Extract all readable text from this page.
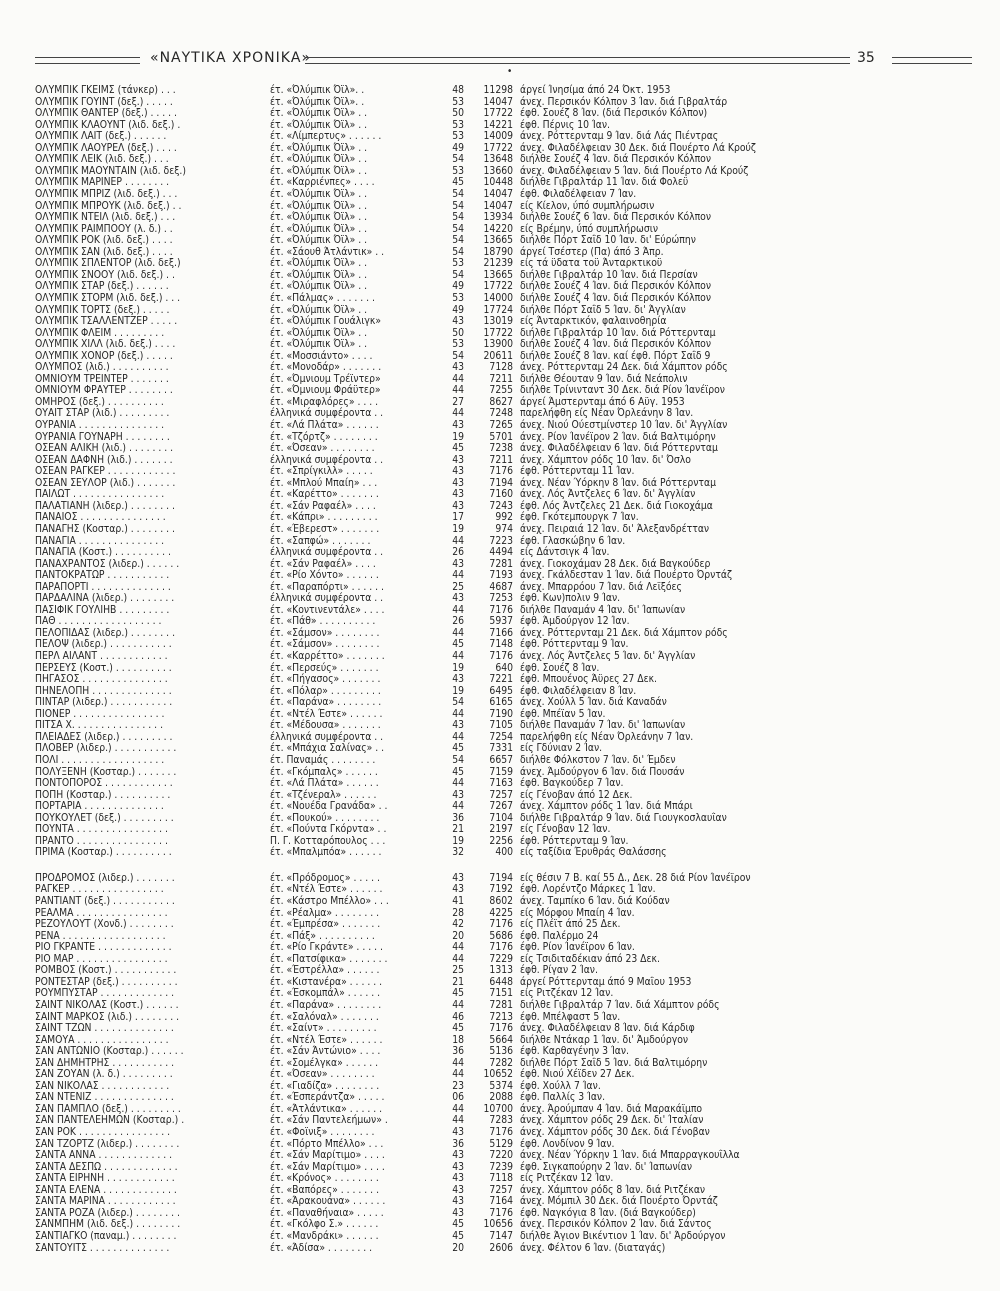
«ΝΑΥΤΙΚΑ ΧΡΟΝΙΚΑ»	35
•
ΟΛΥΜΠΙΚ ΓΚΕΙΜΣ (τάνκερ) . . .	έτ. «Όλύμπικ Όϊλ». .	48	11298 άργεί Ίνησίμα άπό 24 Όκτ. 1953
ΟΛΥΜΠΙΚ ΓΟΥΙΝΤ (δεξ.) . . . . .	έτ. «Όλύμπικ Όϊλ». .	53	14047 άνεχ. Περσικόν Κόλπον 3 Ίαν. διά Γιβραλτάρ
ΟΛΥΜΠΙΚ ΘΑΝΤΕΡ (δεξ.) . . . . .	έτ. «Όλύμπικ Όϊλ» . .	50	17722 έφθ. Σουέζ 8 Ίαν. (διά Περσικόν Κόλπον)
ΟΛΥΜΠΙΚ ΚΛΑΟΥΝΤ (λιδ. δεξ.) .	έτ. «Όλύμπικ Όϊλ» . .	53	14221 έφθ. Πέρνις 10 Ίαν.
ΟΛΥΜΠΙΚ ΛΑΙΤ (δεξ.) . . . . . .	έτ. «Λίμπερτυς» . . . . . .	53	14009 άνεχ. Ρόττερνταμ 9 Ίαν. διά Λάς Πιέντρας
ΟΛΥΜΠΙΚ ΛΑΟΥΡΕΛ (δεξ.) . . . .	έτ. «Όλύμπικ Όϊλ» . .	49	17722 άνεχ. Φιλαδέλφειαν 30 Δεκ. διά Πουέρτο Λά Κρούζ
ΟΛΥΜΠΙΚ ΛΕΙΚ (λιδ. δεξ.) . . .	έτ. «Όλύμπικ Όϊλ» . .	54	13648 διήλθε Σουέζ 4 Ίαν. διά Περσικόν Κόλπον
ΟΛΥΜΠΙΚ ΜΑΟΥΝΤΑΙΝ (λιδ. δεξ.)	έτ. «Όλύμπικ Όϊλ» . .	53	13660 άνεχ. Φιλαδέλφειαν 5 Ίαν. διά Πουέρτο Λά Κρούζ
ΟΛΥΜΠΙΚ ΜΑΡΙΝΕΡ . . . . . . . .	έτ. «Καρριένπες» . . . .	45	10448 διήλθε Γιβραλτάρ 11 Ίαν. διά Φολεϋ
ΟΛΥΜΠΙΚ ΜΠΡΙΖ (λιδ. δεξ.) . . .	έτ. «Όλύμπικ Όϊλ» . .	54	14047 έφθ. Φιλαδέλφειαν 7 Ίαν.
ΟΛΥΜΠΙΚ ΜΠΡΟΥΚ (λιδ. δεξ.) . .	έτ. «Όλύμπικ Όϊλ» . .	54	14047 είς Κίελον, ύπό συμπλήρωσιν
ΟΛΥΜΠΙΚ ΝΤΕΙΛ (λιδ. δεξ.) . . .	έτ. «Όλύμπικ Όϊλ» . .	54	13934 διήλθε Σουέζ 6 Ίαν. διά Περσικόν Κόλπον
ΟΛΥΜΠΙΚ ΡΑΙΜΠΟΟΥ (λ. δ.) . .	έτ. «Όλύμπικ Όϊλ» . .	54	14220 είς Βρέμην, ύπό συμπλήρωσιν
ΟΛΥΜΠΙΚ ΡΟΚ (λιδ. δεξ.) . . . .	έτ. «Όλύμπικ Όϊλ» . .	54	13665 διήλθε Πόρτ Σαΐδ 10 Ίαν. δι' Εύρώπην
ΟΛΥΜΠΙΚ ΣΑΝ (λιδ. δεξ.) . . . .	έτ. «Σάουθ Άτλάντικ» . .	54	18790 άργεί Τσέστερ (Πα) άπό 3 Άπρ.
ΟΛΥΜΠΙΚ ΣΠΛΕΝΤΟΡ (λιδ. δεξ.)	έτ. «Όλύμπικ Όϊλ» . .	53	21239 είς τά ϋδατα τοϋ Άνταρκτικοϋ
ΟΛΥΜΠΙΚ ΣΝΟΟΥ (λιδ. δεξ.) . .	έτ. «Όλύμπικ Όϊλ» . .	54	13665 διήλθε Γιβραλτάρ 10 Ίαν. διά Περσίαν
ΟΛΥΜΠΙΚ ΣΤΑΡ (δεξ.) . . . . . .	έτ. «Όλύμπικ Όϊλ» . .	49	17722 διήλθε Σουέζ 4 Ίαν. διά Περσικόν Κόλπον
ΟΛΥΜΠΙΚ ΣΤΟΡΜ (λιδ. δεξ.) . . .	έτ. «Πάλμας» . . . . . . .	53	14000 διήλθε Σουέζ 4 Ίαν. διά Περσικόν Κόλπον
ΟΛΥΜΠΙΚ ΤΟΡΤΣ (δεξ.) . . . . .	έτ. «Όλύμπικ Όϊλ» . .	49	17724 διήλθε Πόρτ Σαΐδ 5 Ίαν. δι' Άγγλίαν
ΟΛΥΜΠΙΚ ΤΣΑΛΛΕΝΤΖΕΡ . . . . .	έτ. «Όλύμπικ Γουάλιγκ»	43	13019 είς Άνταρκτικόν, φαλαινοθηρία
ΟΛΥΜΠΙΚ ΦΛΕΙΜ . . . . . . . . .	έτ. «Όλύμπικ Όϊλ» . .	50	17722 διήλθε Γιβραλτάρ 10 Ίαν. διά Ρόττερνταμ
ΟΛΥΜΠΙΚ ΧΙΛΛ (λιδ. δεξ.) . . . .	έτ. «Όλύμπικ Όϊλ» . .	53	13900 διήλθε Σουέζ 4 Ίαν. διά Περσικόν Κόλπον
ΟΛΥΜΠΙΚ ΧΟΝΟΡ (δεξ.) . . . . .	έτ. «Μοσσιάντο» . . . .	54	20611 διήλθε Σουέζ 8 Ίαν. καί έφθ. Πόρτ Σαΐδ 9
ΟΛΥΜΠΟΣ (λιδ.) . . . . . . . . . .	έτ. «Μονοδάρ» . . . . . . .	43	7128 άνεχ. Ρόττερνταμ 24 Δεκ. διά Χάμπτον ρόδς
ΟΜΝΙΟΥΜ ΤΡΕΙΝΤΕΡ . . . . . . .	έτ. «Όμνιουμ Τρέϊντερ»	44	7211 διήλθε Θέουταν 9 Ίαν. διά Νεάπολιν
ΟΜΝΙΟΥΜ ΦΡΑΥΤΕΡ . . . . . . . .	έτ. «Όμνιουμ Φράϋτερ»	44	7255 διήλθε Τρίνινταντ 30 Δεκ. διά Ρίον Ίανέϊρον
ΟΜΗΡΟΣ (δεξ.) . . . . . . . . . .	έτ. «Μιραφλόρες» . . . .	27	8627 άργεί Άμστερνταμ άπό 6 Αϋγ. 1953
ΟΥΑΙΤ ΣΤΑΡ (λιδ.) . . . . . . . . .	έλληνικά συμφέροντα . .	44	7248 παρελήφθη είς Νέαν Όρλεάνην 8 Ίαν.
ΟΥΡΑΝΙΑ . . . . . . . . . . . . . . .	έτ. «Λά Πλάτα» . . . . . .	43	7265 άνεχ. Νιού Ούεστμίνστερ 10 Ίαν. δι' Άγγλίαν
ΟΥΡΑΝΙΑ ΓΟΥΝΑΡΗ . . . . . . . .	έτ. «Τζόρτζ» . . . . . . . .	19	5701 άνεχ. Ρίον Ίανέϊρον 2 Ίαν. διά Βαλτιμόρην
ΟΣΕΑΝ ΑΛΙΚΗ (λιδ.) . . . . . . . .	έτ. «Όσεαν» . . . . . . . .	45	7238 άνεχ. Φιλαδέλφειαν 6 Ίαν. διά Ρόττερνταμ
ΟΣΕΑΝ ΔΑΦΝΗ (λιδ.) . . . . . . .	έλληνικά συμφέροντα . .	43	7211 άνεχ. Χάμπτον ρόδς 10 Ίαν. δι' Όσλο
ΟΣΕΑΝ ΡΑΓΚΕΡ . . . . . . . . . . . .	έτ. «Σπρίγκιλλ» . . . . .	43	7176 έφθ. Ρόττερνταμ 11 Ίαν.
ΟΣΕΑΝ ΣΕΫΛΟΡ (λιδ.) . . . . . . .	έτ. «Μπλού Μπαίη» . . .	43	7194 άνεχ. Νέαν Ύόρκην 8 Ίαν. διά Ρόττερνταμ
ΠΑΙΛΩΤ . . . . . . . . . . . . . . . .	έτ. «Καρέττο» . . . . . . .	43	7160 άνεχ. Λός Άντζελες 6 Ίαν. δι' Άγγλίαν
ΠΑΛΑΤΙΑΝΗ (λιδερ.) . . . . . . . .	έτ. «Σάν Ραφαέλ» . . . .	43	7243 έφθ. Λός Άντζελες 21 Δεκ. διά Γιοκοχάμα
ΠΑΝΑΙΟΣ . . . . . . . . . . . . . . .	έτ. «Κάπρι» . . . . . . . . .	17	992 έφθ. Γκότεμπουργκ 7 Ίαν.
ΠΑΝΑΓΗΣ (Κοσταρ.) . . . . . . . .	έτ. «Έβερεστ» . . . . . . .	19	974 άνεχ. Πειραιά 12 Ίαν. δι' Άλεξανδρέτταν
ΠΑΝΑΓΙΑ . . . . . . . . . . . . . . .	έτ. «Σαπφώ» . . . . . . .	44	7223 έφθ. Γλασκώβην 6 Ίαν.
ΠΑΝΑΓΙΑ (Κοστ.) . . . . . . . . . .	έλληνικά συμφέροντα . .	26	4494 είς Δάντσιγκ 4 Ίαν.
ΠΑΝΑΧΡΑΝΤΟΣ (λιδερ.) . . . . . .	έτ. «Σάν Ραφαέλ» . . . .	43	7281 άνεχ. Γιοκοχάμαν 28 Δεκ. διά Βαγκούδερ
ΠΑΝΤΟΚΡΑΤΩΡ . . . . . . . . . . .	έτ. «Ρίο Χόντο» . . . . . .	44	7193 άνεχ. Γκάλδεσταν 1 Ίαν. διά Πουέρτο Όρντάζ
ΠΑΡΑΠΟΡΤΙ . . . . . . . . . . . . . .	έτ. «Παραπόρτι» . . . . . .	25	4687 άνεχ. Μπαρρόου 7 Ίαν. διά Λεϊξόες
ΠΑΡΔΑΛΙΝΑ (λιδερ.) . . . . . . . .	έλληνικά συμφέροντα . .	43	7253 έφθ. Κων)πολιν 9 Ίαν.
ΠΑΣΙΦΙΚ ΓΟΥΛΙΗΒ . . . . . . . . .	έτ. «Κοντινεντάλε» . . . .	44	7176 διήλθε Παναμάν 4 Ίαν. δι' Ίαπωνίαν
ΠΑΘ . . . . . . . . . . . . . . . . . .	έτ. «Πάθ» . . . . . . . . . .	26	5937 έφθ. Άμδούργον 12 Ίαν.
ΠΕΛΟΠΙΔΑΣ (λιδερ.) . . . . . . . .	έτ. «Σάμσον» . . . . . . . .	44	7166 άνεχ. Ρόττερνταμ 21 Δεκ. διά Χάμπτον ρόδς
ΠΕΛΟΨ (λιδερ.) . . . . . . . . . . .	έτ. «Σάμσον» . . . . . . . .	45	7148 έφθ. Ρόττερνταμ 9 Ίαν.
ΠΕΡΛ ΑΙΛΑΝΤ . . . . . . . . . . . .	έτ. «Καρρέττο» . . . . . . .	44	7176 άνεχ. Λός Άντζελες 5 Ίαν. δι' Άγγλίαν
ΠΕΡΣΕΥΣ (Κοστ.) . . . . . . . . . .	έτ. «Περσεύς» . . . . . . .	19	640 έφθ. Σουέζ 8 Ίαν.
ΠΗΓΑΣΟΣ . . . . . . . . . . . . . . .	έτ. «Πήγασος» . . . . . . .	43	7221 έφθ. Μπουένος Άϋρες 27 Δεκ.
ΠΗΝΕΛΟΠΗ . . . . . . . . . . . . . .	έτ. «Πόλαρ» . . . . . . . . .	19	6495 έφθ. Φιλαδέλφειαν 8 Ίαν.
ΠΙΝΤΑΡ (λιδερ.) . . . . . . . . . . .	έτ. «Παράνα» . . . . . . . .	54	6165 άνεχ. Χούλλ 5 Ίαν. διά Καναδάν
ΠΙΟΝΕΡ . . . . . . . . . . . . . . . .	έτ. «Ντέλ Έστε» . . . . . .	44	7190 έφθ. Μπέϊαν 5 Ίαν.
ΠΙΤΣΑ Χ. . . . . . . . . . . . . . . .	έτ. «Μέδουσα» . . . . . . .	43	7105 διήλθε Παναμάν 7 Ίαν. δι' Ίαπωνίαν
ΠΛΕΙΑΔΕΣ (λιδερ.) . . . . . . . . .	έλληνικά συμφέροντα . .	44	7254 παρελήφθη είς Νέαν Όρλεάνην 7 Ίαν.
ΠΛΟΒΕΡ (λιδερ.) . . . . . . . . . . .	έτ. «Μπάχια Σαλίνας» . .	45	7331 είς Γδύνιαν 2 Ίαν.
ΠΟΛΙ . . . . . . . . . . . . . . . . . .	έτ. Παναμάς . . . . . . . .	54	6657 διήλθε Φόλκστον 7 Ίαν. δι' Έμδεν
ΠΟΛΥΞΕΝΗ (Κοσταρ.) . . . . . . .	έτ. «Γκόμπαλς» . . . . . .	45	7159 άνεχ. Άμδούργον 6 Ίαν. διά Πουσάν
ΠΟΝΤΟΠΟΡΟΣ . . . . . . . . . . . .	έτ. «Λά Πλάτα» . . . . . .	44	7163 έφθ. Βαγκούδερ 7 Ίαν.
ΠΟΠΗ (Κοσταρ.) . . . . . . . . . .	έτ. «Τζένεραλ» . . . . . .	43	7257 είς Γένοβαν άπό 12 Δεκ.
ΠΟΡΤΑΡΙΑ . . . . . . . . . . . . . .	έτ. «Νουέδα Γρανάδα» . .	44	7267 άνεχ. Χάμπτον ρόδς 1 Ίαν. διά Μπάρι
ΠΟΥΚΟΥΛΕΤ (δεξ.) . . . . . . . . .	έτ. «Πουκού» . . . . . . . .	36	7104 διήλθε Γιβραλτάρ 9 Ίαν. διά Γιουγκοσλαυΐαν
ΠΟΥΝΤΑ . . . . . . . . . . . . . . . .	έτ. «Πούντα Γκόρντα» . .	21	2197 είς Γένοβαν 12 Ίαν.
ΠΡΑΝΤΟ . . . . . . . . . . . . . . . .	Π. Γ. Κοτταρόπουλος . . .	19	2256 έφθ. Ρόττερνταμ 9 Ίαν.
ΠΡΙΜΑ (Κοσταρ.) . . . . . . . . . .	έτ. «Μπαλμπόα» . . . . . .	32	400 είς ταξίδια Έρυθράς Θαλάσσης
ΠΡΟΔΡΟΜΟΣ (λιδερ.) . . . . . . .	έτ. «Πρόδρομος» . . . . .	43	7194 είς θέσιν 7 Β. καί 55 Δ., Δεκ. 28 διά Ρίον Ίανέϊρον
ΡΑΓΚΕΡ . . . . . . . . . . . . . . . .	έτ. «Ντέλ Έστε» . . . . . .	43	7192 έφθ. Λορέντζο Μάρκες 1 Ίαν.
ΡΑΝΤΙΑΝΤ (δεξ.) . . . . . . . . . . .	έτ. «Κάστρο Μπέλλο» . . .	41	8602 άνεχ. Ταμπίκο 6 Ίαν. διά Κούδαν
ΡΕΑΛΜΑ . . . . . . . . . . . . . . . .	έτ. «Ρέαλμα» . . . . . . . .	28	4225 είς Μόρφου Μπαίη 4 Ίαν.
ΡΕΖΟΥΛΟΥΤ (Χονδ.) . . . . . . . .	έτ. «Έμπρέσα» . . . . . . .	42	7176 είς Πλέϊτ άπό 25 Δεκ.
ΡΕΝΑ . . . . . . . . . . . . . . . . . .	έτ. «Πάξ» . . . . . . . . . .	20	5686 έφθ. Παλέρμο 24
ΡΙΟ ΓΚΡΑΝΤΕ . . . . . . . . . . . . .	έτ. «Ρίο Γκράντε» . . . . .	44	7176 έφθ. Ρίον Ίανέϊρον 6 Ίαν.
ΡΙΟ ΜΑΡ . . . . . . . . . . . . . . . .	έτ. «Πατσίφικα» . . . . . . .	44	7229 είς Τσιδιταδέκιαν άπό 23 Δεκ.
ΡΟΜΒΟΣ (Κοστ.) . . . . . . . . . . .	έτ. «Έστρέλλα» . . . . . .	25	1313 έφθ. Ρίγαν 2 Ίαν.
ΡΟΝΤΕΣΤΑΡ (δεξ.) . . . . . . . . . .	έτ. «Κιστανέρα» . . . . . .	21	6448 άργεί Ρόττερνταμ άπό 9 Μαΐου 1953
ΡΟΥΜΠΥΣΤΑΡ . . . . . . . . . . . . .	έτ. «Έσκομπάλ» . . . . . .	45	7151 είς Ριτζέκαν 12 Ίαν.
ΣΑΙΝΤ ΝΙΚΟΛΑΣ (Κοστ.) . . . . . .	έτ. «Παράνα» . . . . . . . .	44	7281 διήλθε Γιβραλτάρ 7 Ίαν. διά Χάμπτον ρόδς
ΣΑΙΝΤ ΜΑΡΚΟΣ (λιδ.) . . . . . . . .	έτ. «Σαλόναλ» . . . . . . .	46	7213 έφθ. Μπέλφαστ 5 Ίαν.
ΣΑΙΝΤ ΤΖΩΝ . . . . . . . . . . . . . .	έτ. «Σαίντ» . . . . . . . . .	45	7176 άνεχ. Φιλαδέλφειαν 8 Ίαν. διά Κάρδιφ
ΣΑΜΟΥΑ . . . . . . . . . . . . . . . .	έτ. «Ντέλ Έστε» . . . . . .	18	5664 διήλθε Ντάκαρ 1 Ίαν. δι' Άμδούργον
ΣΑΝ ΑΝΤΩΝΙΟ (Κοσταρ.) . . . . . .	έτ. «Σάν Άντώνιο» . . . .	36	5136 έφθ. Καρθαγένην 3 Ίαν.
ΣΑΝ ΔΗΜΗΤΡΗΣ . . . . . . . . . . .	έτ. «Σομέλγκα» . . . . . .	44	7282 διήλθε Πόρτ Σαΐδ 5 Ίαν. διά Βαλτιμόρην
ΣΑΝ ΖΟΥΑΝ (λ. δ.) . . . . . . . . .	έτ. «Όσεαν» . . . . . . . .	44	10652 έφθ. Νιού Χέϊδεν 27 Δεκ.
ΣΑΝ ΝΙΚΟΛΑΣ . . . . . . . . . . . .	έτ. «Γιαδίζα» . . . . . . . .	23	5374 έφθ. Χούλλ 7 Ίαν.
ΣΑΝ ΝΤΕΝΙΖ . . . . . . . . . . . . . .	έτ. «Έσπεράντζα» . . . . .	06	2088 έφθ. Παλλίς 3 Ίαν.
ΣΑΝ ΠΑΜΠΛΟ (δεξ.) . . . . . . . . .	έτ. «Άτλάντικα» . . . . . .	44	10700 άνεχ. Άρούμπαν 4 Ίαν. διά Μαρακάϊμπο
ΣΑΝ ΠΑΝΤΕΛΕΗΜΩΝ (Κοσταρ.) .	έτ. «Σάν Παντελεήμων» .	44	7283 άνεχ. Χάμπτον ρόδς 29 Δεκ. δι' Ίταλίαν
ΣΑΝ ΡΟΚ . . . . . . . . . . . . . . . .	έτ. «Φοϊνιξ» . . . . . . . .	43	7176 άνεχ. Χάμπτον ρόδς 30 Δεκ. διά Γένοβαν
ΣΑΝ ΤΖΟΡΤΖ (λιδερ.) . . . . . . . .	έτ. «Πόρτο Μπέλλο» . . .	36	5129 έφθ. Λονδίνον 9 Ίαν.
ΣΑΝΤΑ ΑΝΝΑ . . . . . . . . . . . . .	έτ. «Σάν Μαρίτιμο» . . . .	43	7220 άνεχ. Νέαν Ύόρκην 1 Ίαν. διά Μπαρραγκουΐλλα
ΣΑΝΤΑ ΔΕΣΠΩ . . . . . . . . . . . . .	έτ. «Σάν Μαρίτιμο» . . . .	43	7239 έφθ. Σιγκαπούρην 2 Ίαν. δι' Ίαπωνίαν
ΣΑΝΤΑ ΕΙΡΗΝΗ . . . . . . . . . . . .	έτ. «Κρόνος» . . . . . . . .	43	7118 είς Ριτζέκαν 12 Ίαν.
ΣΑΝΤΑ ΕΛΕΝΑ . . . . . . . . . . . . .	έτ. «Βαπόρες» . . . . . . .	43	7257 άνεχ. Χάμπτον ρόδς 8 Ίαν. διά Ριτζέκαν
ΣΑΝΤΑ ΜΑΡΙΝΑ . . . . . . . . . . . .	έτ. «Άρακουάνα» . . . . . .	43	7164 άνεχ. Μόμπιλ 30 Δεκ. διά Πουέρτο Όρντάζ
ΣΑΝΤΑ ΡΟΖΑ (λιδερ.) . . . . . . . .	έτ. «Παναθήναια» . . . . .	43	7176 έφθ. Ναγκόγια 8 Ίαν. (διά Βαγκούδερ)
ΣΑΝΜΠΗΜ (λιδ. δεξ.) . . . . . . . .	έτ. «Γκόλφο Σ.» . . . . . .	45	10656 άνεχ. Περσικόν Κόλπον 2 Ίαν. διά Σάντος
ΣΑΝΤΙΑΓΚΟ (παναμ.) . . . . . . . .	έτ. «Μανδράκι» . . . . . .	45	7147 διήλθε Άγιον Βικέντιον 1 Ίαν. δι' Άρδούργον
ΣΑΝΤΟΥΙΤΣ . . . . . . . . . . . . . .	έτ. «Άδίσα» . . . . . . . .	20	2606 άνεχ. Φέλτον 6 Ίαν. (διαταγάς)
